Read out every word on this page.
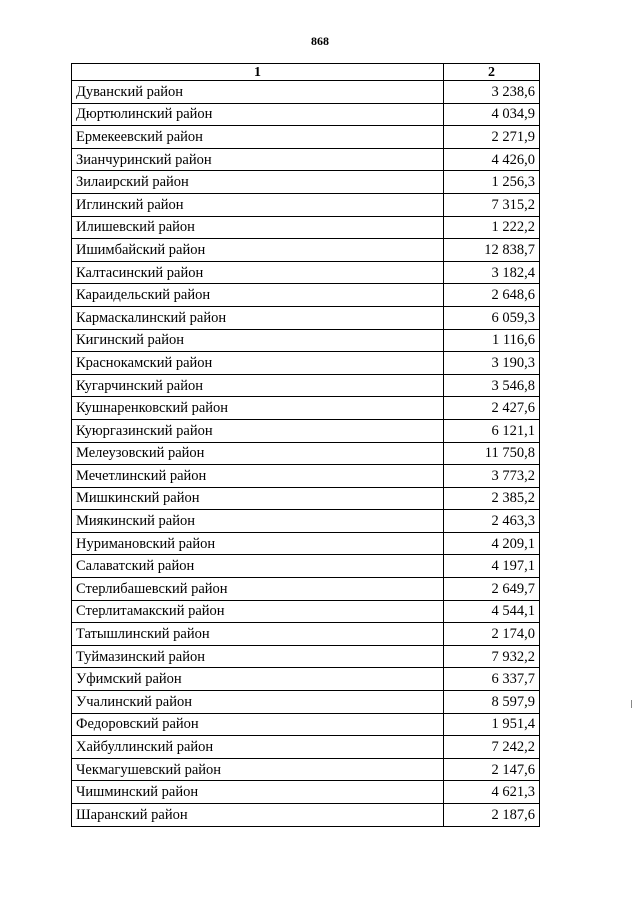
868
1	2
Дуванский район	3 238,6
Дюртюлинский район	4 034,9
Ермекеевский район	2 271,9
Зианчуринский район	4 426,0
Зилаирский район	1 256,3
Иглинский район	7 315,2
Илишевский район	1 222,2
Ишимбайский район	12 838,7
Калтасинский район	3 182,4
Караидельский район	2 648,6
Кармаскалинский район	6 059,3
Кигинский район	1 116,6
Краснокамский район	3 190,3
Кугарчинский район	3 546,8
Кушнаренковский район	2 427,6
Куюргазинский район	6 121,1
Мелеузовский район	11 750,8
Мечетлинский район	3 773,2
Мишкинский район	2 385,2
Миякинский район	2 463,3
Нуримановский район	4 209,1
Салаватский район	4 197,1
Стерлибашевский район	2 649,7
Стерлитамакский район	4 544,1
Татышлинский район	2 174,0
Туймазинский район	7 932,2
Уфимский район	6 337,7
Учалинский район	8 597,9
Федоровский район	1 951,4
Хайбуллинский район	7 242,2
Чекмагушевский район	2 147,6
Чишминский район	4 621,3
Шаранский район	2 187,6
